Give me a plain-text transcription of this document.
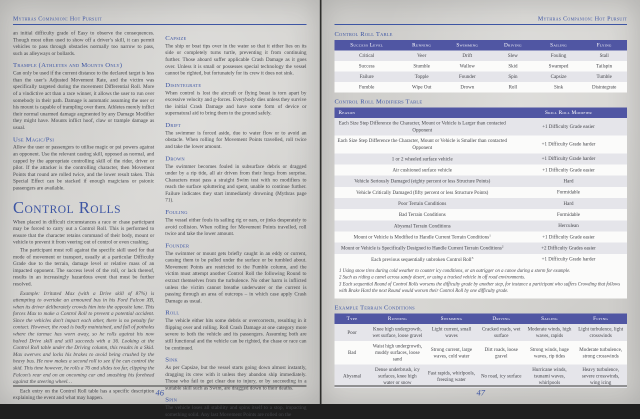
Mythras Companion: Hot Pursuit
an initial difficulty grade of Easy to observe the consequences. Though most often used to show off a driver’s skill, it can permit vehicles to pass through obstacles normally too narrow to pass, such as alleyways or bollards.
Trample (Athletes and Mounts Only)
Can only be used if the current distance to the declared target is less than the user’s Adjusted Movement Rate, and the victim was specifically targeted during the movement Differential Roll. More of a vindictive act than a race winner, it allows the user to run over somebody in their path. Damage is automatic assuming the user or his mount is capable of trampling over them. Athletes merely inflict their normal unarmed damage augmented by any Damage Modifier they might have. Mounts inflict hoof, claw or trample damage as usual.
Use Magic/Psi
Allow the user or passengers to utilise magic or psi powers against an opponent. Use the relevant casting skill, opposed as normal, and capped by the appropriate controlling skill of the rider, driver or pilot. If the attacker is the controlling character, then Movement Points that round are rolled twice, and the lower result taken. This Special Effect can be stacked if enough magicians or psionic passengers are available.
Control Rolls
When placed in difficult circumstances a race or chase participant may be forced to carry out a Control Roll. This is performed to ensure that the character retains command of their body, mount or vehicle to prevent it from veering out of control or even crashing.
The participant must roll against the specific skill used for that mode of movement or transport, usually at a particular Difficulty Grade due to the terrain, damage level or relative mass of an impacted opponent. The success level of the roll, or lack thereof, results in an increasingly hazardous event that must be further resolved.
Example: Irritated Max (with a Drive skill of 87%) is attempting to overtake an armoured bus in his Ford Falcon XB, when its driver deliberately crowds him into the opposite lane. This forces Max to make a Control Roll to prevent a potential accident. Since the vehicles don’t impact each other, there is no penalty for contact. However, the road is badly maintained, and full of potholes where the tarmac has worn away, so he rolls against his now halved Drive skill and still succeeds with a 36. Looking at the Control Roll table under the Driving column, this results in a Skid. Max swerves and locks his brakes to avoid being crushed by the heavy bus. He now makes a second roll to see if he can control the skid. This time however, he rolls a 76 and slides too far, clipping the Falcon’s rear end on an oncoming car and smashing his forehead against the steering wheel…
Each entry on the Control Roll table has a specific description explaining the event and what may happen.
Capsize
The ship or boat tips over in the water so that it either lies on its side or completely turns turtle, preventing it from continuing further. Those aboard suffer applicable Crash Damage as it goes over. Unless it is small or possesses special technology the vessel cannot be righted, but fortunately for its crew it does not sink.
Disintegrate
When control is lost the aircraft or flying beast is torn apart by excessive velocity and g-forces. Everybody dies unless they survive the initial Crash Damage and have some form of device or supernatural aid to bring them to the ground safely.
Drift
The swimmer is forced aside, due to water flow or to avoid an obstacle. When rolling for Movement Points travelled, roll twice and take the lower amount.
Drown
The swimmer becomes fouled in subsurface debris or dragged under by a rip tide, all air driven from their lungs from surprise. Characters must pass a straight Swim test with no modifiers to reach the surface spluttering and spent, unable to continue further. Failure indicates they start immediately drowning (Mythras page 71).
Fouling
The vessel either fouls its sailing rig or oars, or jinks desperately to avoid collision. When rolling for Movement Points travelled, roll twice and take the lower amount.
Founder
The swimmer or mount gets briefly caught in an eddy or current, causing them to be pulled under the surface or be tumbled about. Movement Points are restricted to the Fumble column, and the victim must attempt another Control Roll the following Round to extract themselves from the turbulence. No other harm is inflicted unless the victim cannot breathe underwater or the current is passing through an area of outcrops – in which case apply Crash Damage as usual.
Roll
The vehicle either hits some debris or overcorrects, resulting in it flipping over and rolling. Roll Crash Damage at one category more severe to both the vehicle and its passengers. Assuming both are still functional and the vehicle can be righted, the chase or race can be continued.
Sink
As per Capsize, but the vessel starts going down almost instantly, dragging its crew with it unless they abandon ship immediately. Those who fail to get clear due to injury, or by succeeding in a suitable skill such as Swim, are dragged down to their deaths.
Spin
The vehicle loses all stability and spins itself to a stop, impacting something solid. Any last Movement Points are rolled on the
46
Mythras Companion: Hot Pursuit
Control Roll Table
Success Level	Running	Swimming	Driving	Sailing	Flying
Critical	Veer	Drift	Slew	Fouling	Stall
Success	Stumble	Wallow	Skid	Swamped	Tailspin
Failure	Topple	Founder	Spin	Capsize	Tumble
Fumble	Wipe Out	Drown	Roll	Sink	Disintegrate
Control Roll Modifiers Table
Reason	Skill Roll Modifier
Each Size Step Difference the Character, Mount or Vehicle is Larger than contacted Opponent	+1 Difficulty Grade easier
Each Size Step Difference the Character, Mount or Vehicle is Smaller than contacted Opponent	+1 Difficulty Grade harder
1 or 2 wheeled surface vehicle	+1 Difficulty Grade harder
Air cushioned surface vehicle	+1 Difficulty Grade easier
Vehicle Seriously Damaged (eighty percent or less Structure Points)	Hard
Vehicle Critically Damaged (fifty percent or less Structure Points)	Formidable
Poor Terrain Conditions	Hard
Bad Terrain Conditions	Formidable
Abysmal Terrain Conditions	Herculean
Mount or Vehicle is Modified to Handle Current Terrain Conditions$^1$	+1 Difficulty Grade easier
Mount or Vehicle is Specifically Designed to Handle Current Terrain Conditions$^2$	+2 Difficulty Grades easier
Each previous sequentially unbroken Control Roll$^3$	+1 Difficulty Grade harder
1 Using snow tires during cold weather to counter icy conditions, or an outrigger on a canoe during a storm for example.
2 Such as riding a camel across sandy desert, or using a tracked vehicle in off road environments.
3 Each sequential Round of Control Rolls worsens the difficulty grade by another step, for instance a participant who suffers Crowding that follows with Brake Hard the next Round would worsen their Control Roll by one difficulty grade.
Example Terrain Conditions
Type	Running	Swimming	Driving	Sailing	Flying
Poor	Knee high undergrowth, wet surface, loose gravel	Light current, small waves	Cracked roads, wet surface	Moderate winds, high waves, rapids	Light turbulence, light crosswinds
Bad	Waist high undergrowth, muddy surfaces, loose sand	Strong current, large waves, cold water	Dirt roads, loose gravel	Strong winds, huge waves, rip tides	Moderate turbulence, strong crosswinds
Abysmal	Dense underbrush, icy surfaces, knee high water or snow	Fast rapids, whirlpools, freezing water	No road, icy surface	Hurricane winds, tsunami waves, whirlpools	Heavy turbulence, severe crosswinds, wing icing
47
